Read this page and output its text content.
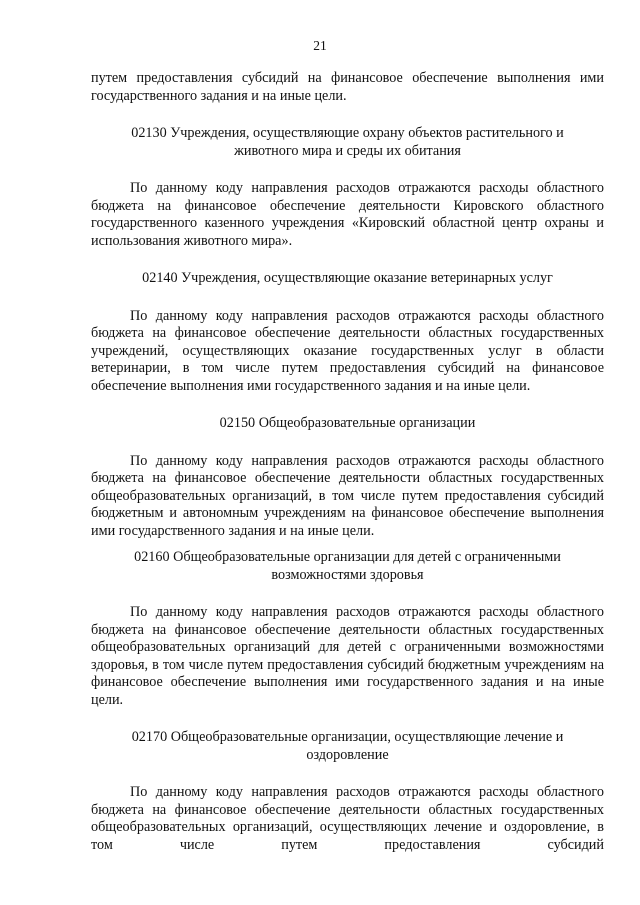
21

путем предоставления субсидий на финансовое обеспечение выполнения ими государственного задания и на иные цели.

02130 Учреждения, осуществляющие охрану объектов растительного и животного мира и среды их обитания

По данному коду направления расходов отражаются расходы областного бюджета на финансовое обеспечение деятельности Кировского областного государственного казенного учреждения «Кировский областной центр охраны и использования животного мира».

02140 Учреждения, осуществляющие оказание ветеринарных услуг

По данному коду направления расходов отражаются расходы областного бюджета на финансовое обеспечение деятельности областных государственных учреждений, осуществляющих оказание государственных услуг в области ветеринарии, в том числе путем предоставления субсидий на финансовое обеспечение выполнения ими государственного задания и на иные цели.

02150 Общеобразовательные организации

По данному коду направления расходов отражаются расходы областного бюджета на финансовое обеспечение деятельности областных государственных общеобразовательных организаций, в том числе путем предоставления субсидий бюджетным и автономным учреждениям на финансовое обеспечение выполнения ими государственного задания и на иные цели.

02160 Общеобразовательные организации для детей с ограниченными возможностями здоровья

По данному коду направления расходов отражаются расходы областного бюджета на финансовое обеспечение деятельности областных государственных общеобразовательных организаций для детей с ограниченными возможностями здоровья, в том числе путем предоставления субсидий бюджетным учреждениям на финансовое обеспечение выполнения ими государственного задания и на иные цели.

02170 Общеобразовательные организации, осуществляющие лечение и оздоровление

По данному коду направления расходов отражаются расходы областного бюджета на финансовое обеспечение деятельности областных государственных общеобразовательных организаций, осуществляющих лечение и оздоровление, в том числе путем предоставления субсидий
